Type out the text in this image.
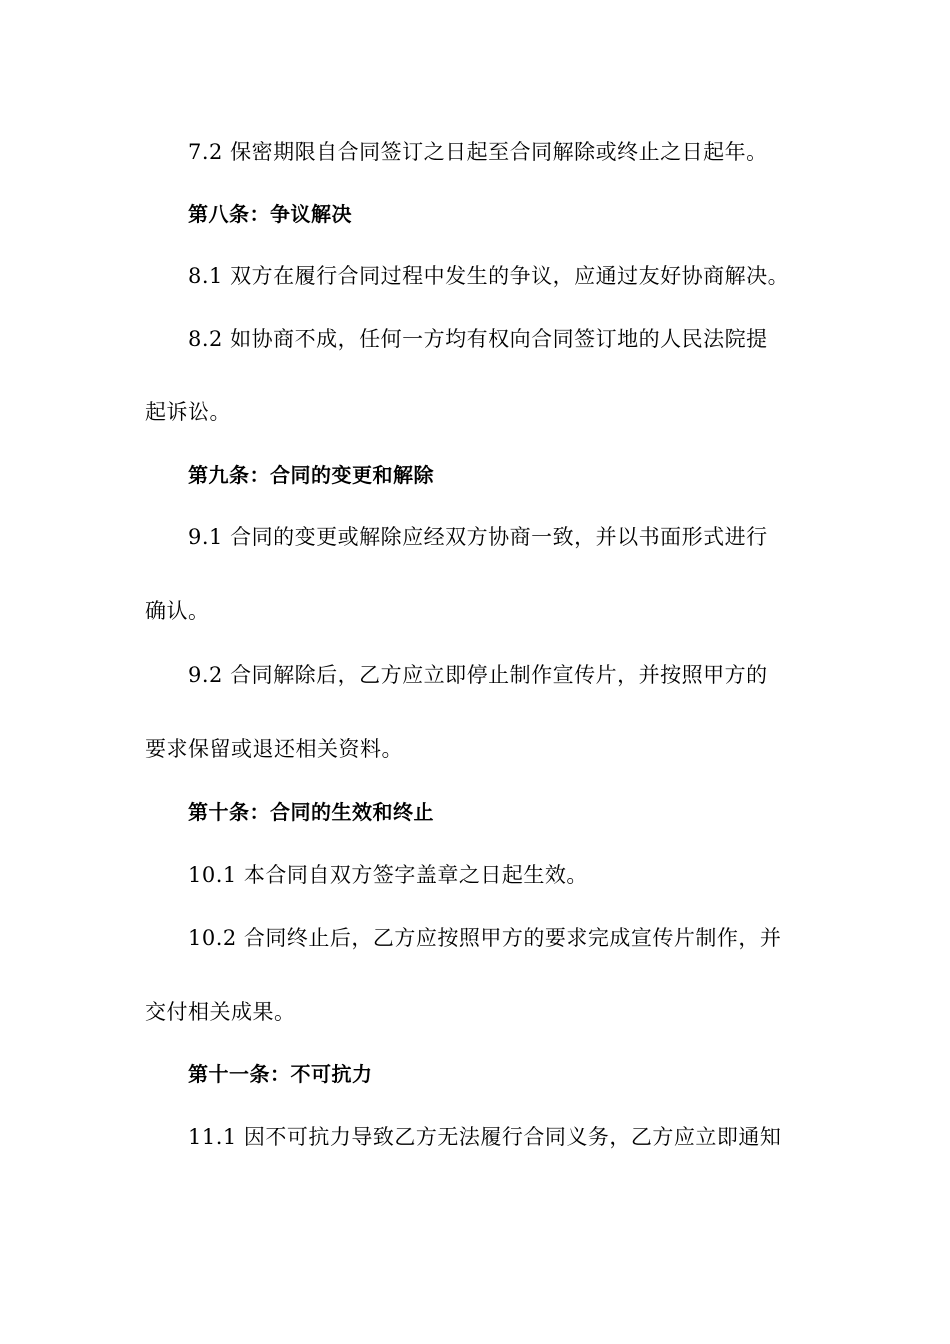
7.2 保密期限自合同签订之日起至合同解除或终止之日起年。
第八条：争议解决
8.1 双方在履行合同过程中发生的争议，应通过友好协商解决。
8.2 如协商不成，任何一方均有权向合同签订地的人民法院提
起诉讼。
第九条：合同的变更和解除
9.1 合同的变更或解除应经双方协商一致，并以书面形式进行
确认。
9.2 合同解除后，乙方应立即停止制作宣传片，并按照甲方的
要求保留或退还相关资料。
第十条：合同的生效和终止
10.1 本合同自双方签字盖章之日起生效。
10.2 合同终止后，乙方应按照甲方的要求完成宣传片制作，并
交付相关成果。
第十一条：不可抗力
11.1 因不可抗力导致乙方无法履行合同义务，乙方应立即通知
